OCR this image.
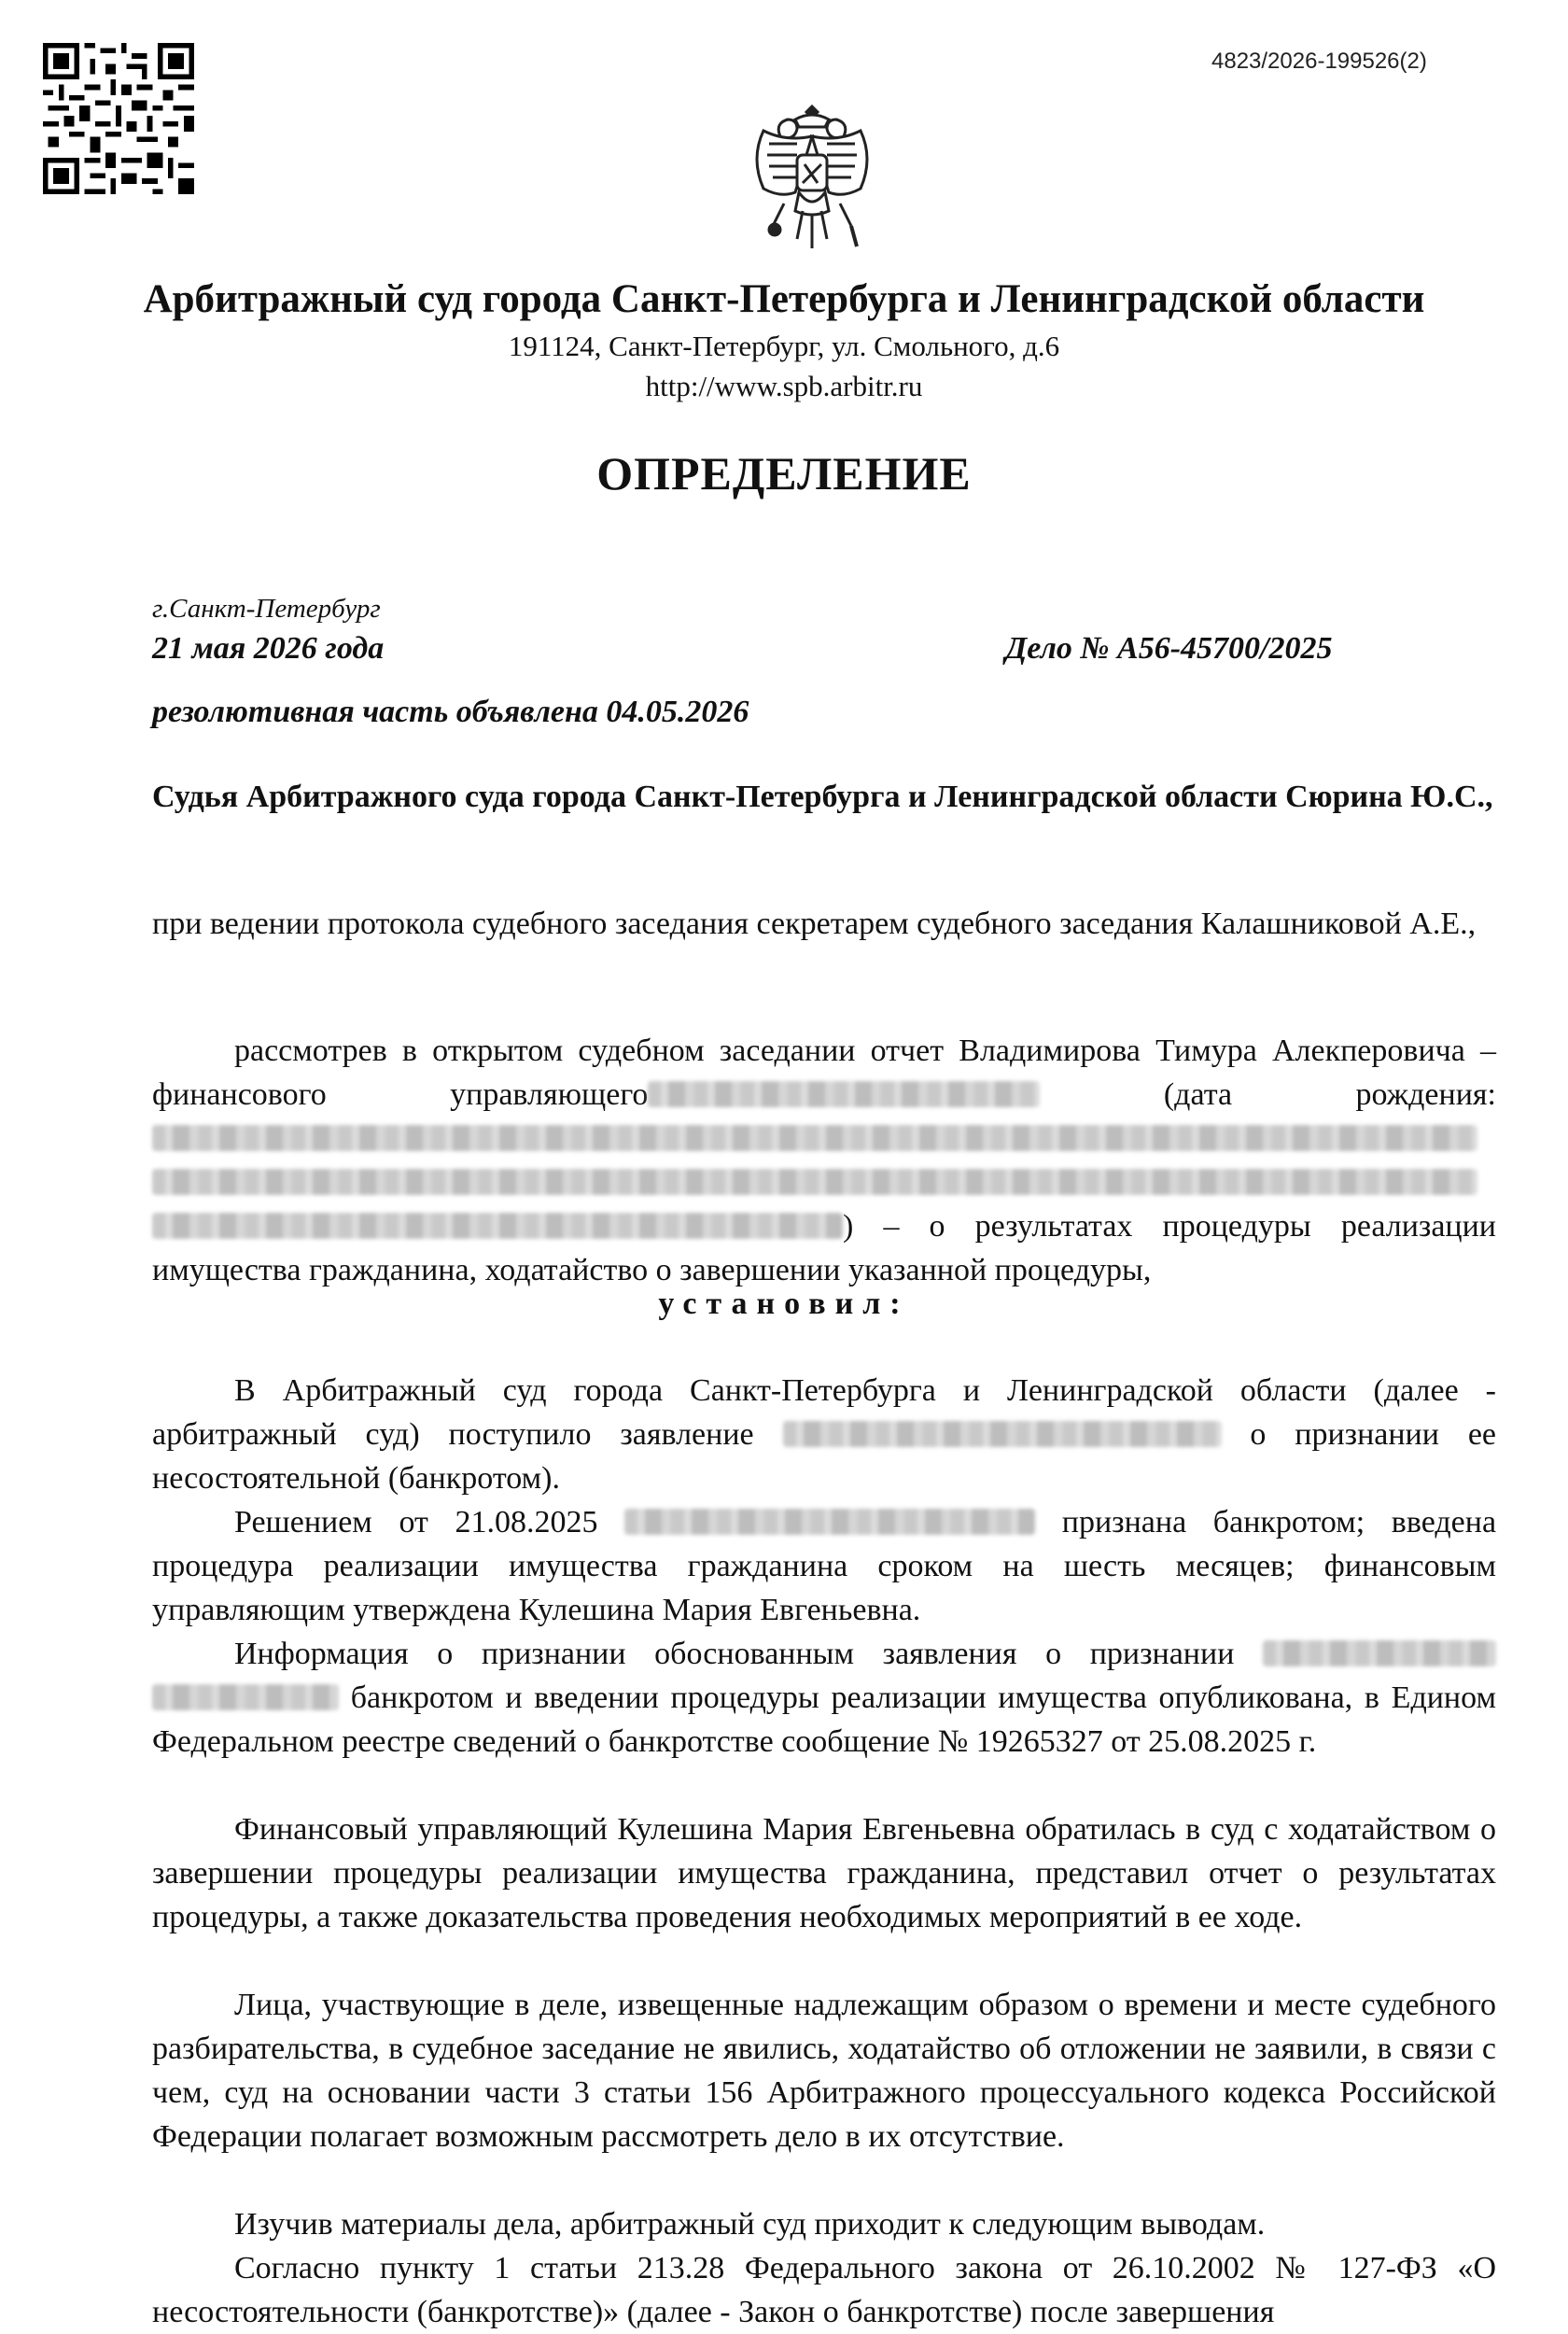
4823/2026-199526(2)
Арбитражный суд города Санкт-Петербурга и Ленинградской области
191124, Санкт-Петербург, ул. Смольного, д.6
http://www.spb.arbitr.ru
ОПРЕДЕЛЕНИЕ
г.Санкт-Петербург
21 мая 2026 года	Дело № А56-45700/2025
резолютивная часть объявлена 04.05.2026

Судья Арбитражного суда города Санкт-Петербурга и Ленинградской области Сюрина Ю.С.,

при ведении протокола судебного заседания секретарем судебного заседания Калашниковой А.Е.,

рассмотрев в открытом судебном заседании отчет Владимирова Тимура Алекперовича – финансового управляющего	(дата рождения:   ) – о результатах процедуры реализации имущества гражданина, ходатайство о завершении указанной процедуры,

установил:

В Арбитражный суд города Санкт-Петербурга и Ленинградской области (далее - арбитражный суд) поступило заявление	о признании ее несостоятельной (банкротом).

Решением от 21.08.2025	признана банкротом; введена процедура реализации имущества гражданина сроком на шесть месяцев; финансовым управляющим утверждена Кулешина Мария Евгеньевна.

Информация о признании обоснованным заявления о признании   банкротом и введении процедуры реализации имущества опубликована, в Едином Федеральном реестре сведений о банкротстве сообщение № 19265327 от 25.08.2025 г.

Финансовый управляющий Кулешина Мария Евгеньевна обратилась в суд с ходатайством о завершении процедуры реализации имущества гражданина, представил отчет о результатах процедуры, а также доказательства проведения необходимых мероприятий в ее ходе.

Лица, участвующие в деле, извещенные надлежащим образом о времени и месте судебного разбирательства, в судебное заседание не явились, ходатайство об отложении не заявили, в связи с чем, суд на основании части 3 статьи 156 Арбитражного процессуального кодекса Российской Федерации полагает возможным рассмотреть дело в их отсутствие.

Изучив материалы дела, арбитражный суд приходит к следующим выводам.

Согласно пункту 1 статьи 213.28 Федерального закона от 26.10.2002 № 127-ФЗ «О несостоятельности (банкротстве)» (далее - Закон о банкротстве) после завершения
